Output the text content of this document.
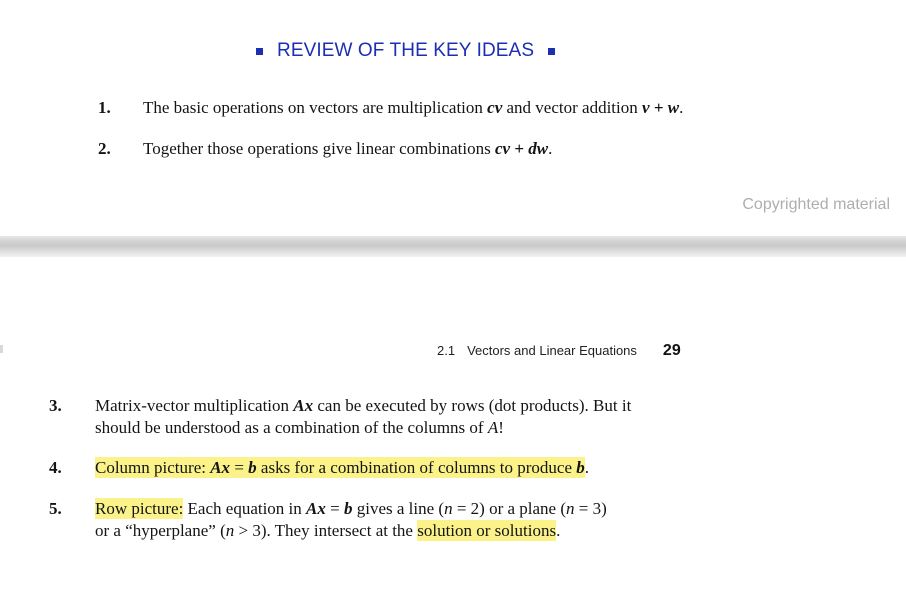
REVIEW OF THE KEY IDEAS
1. The basic operations on vectors are multiplication cv and vector addition v + w.
2. Together those operations give linear combinations cv + dw.
Copyrighted material
2.1 Vectors and Linear Equations 29
3. Matrix-vector multiplication Ax can be executed by rows (dot products). But it
should be understood as a combination of the columns of A!
4. Column picture: Ax = b asks for a combination of columns to produce b.
5. Row picture: Each equation in Ax = b gives a line (n = 2) or a plane (n = 3)
or a “hyperplane” (n > 3). They intersect at the solution or solutions.
